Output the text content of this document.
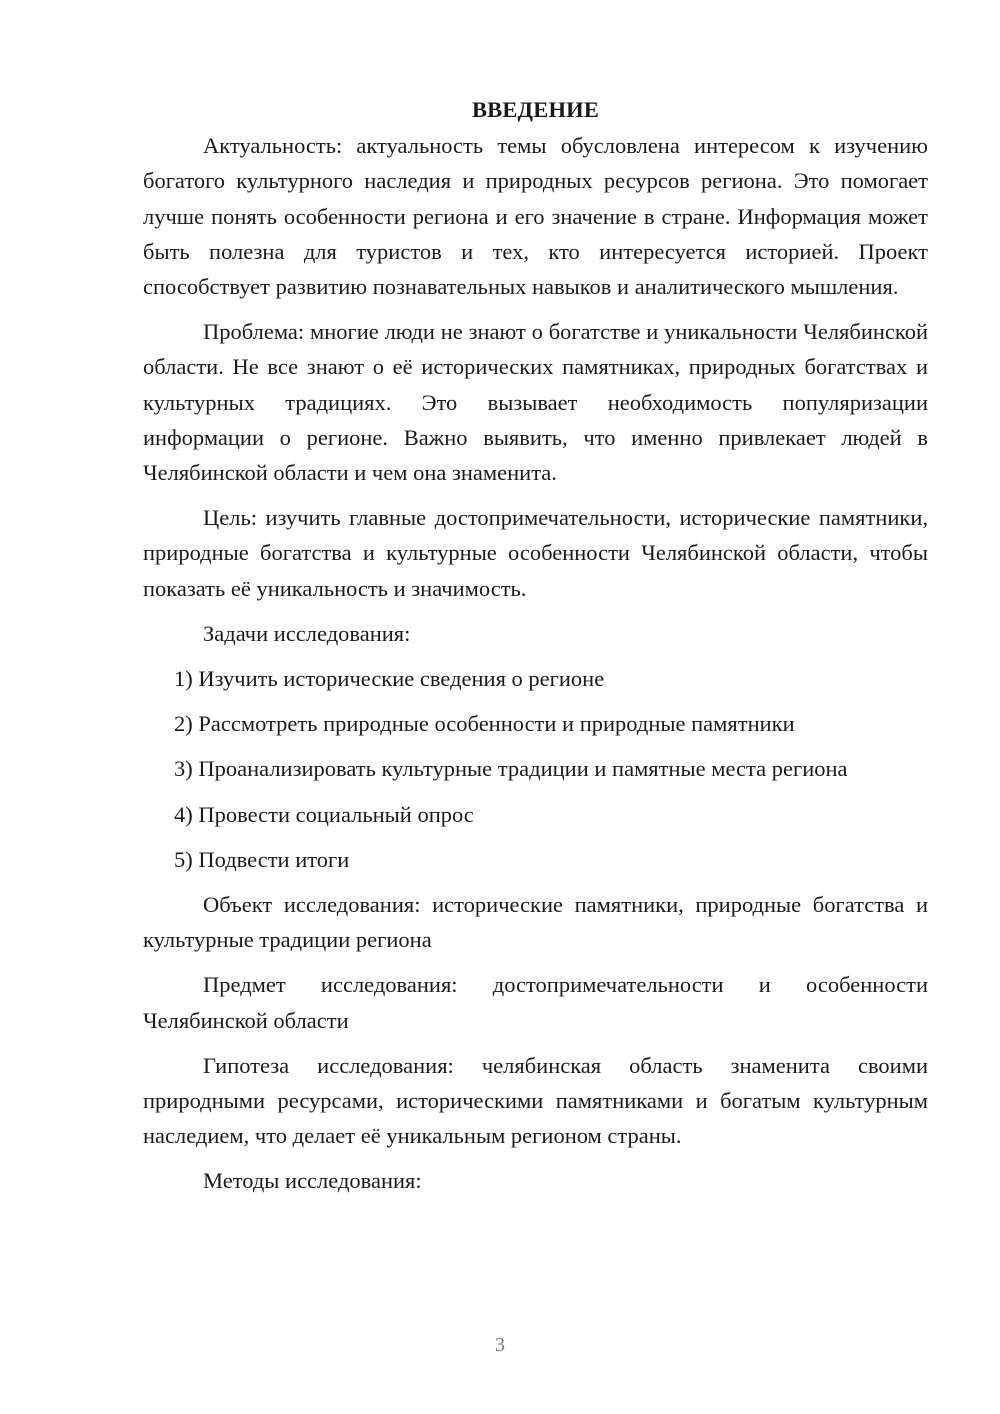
ВВЕДЕНИЕ

Актуальность: актуальность темы обусловлена интересом к изучению богатого культурного наследия и природных ресурсов региона. Это помогает лучше понять особенности региона и его значение в стране. Информация может быть полезна для туристов и тех, кто интересуется историей. Проект способствует развитию познавательных навыков и аналитического мышления.

Проблема: многие люди не знают о богатстве и уникальности Челябинской области. Не все знают о её исторических памятниках, природных богатствах и культурных традициях. Это вызывает необходимость популяризации информации о регионе. Важно выявить, что именно привлекает людей в Челябинской области и чем она знаменита.

Цель: изучить главные достопримечательности, исторические памятники, природные богатства и культурные особенности Челябинской области, чтобы показать её уникальность и значимость.

Задачи исследования:

1) Изучить исторические сведения о регионе
2) Рассмотреть природные особенности и природные памятники
3) Проанализировать культурные традиции и памятные места региона
4) Провести социальный опрос
5) Подвести итоги

Объект исследования: исторические памятники, природные богатства и культурные традиции региона

Предмет исследования: достопримечательности и особенности Челябинской области

Гипотеза исследования: челябинская область знаменита своими природными ресурсами, историческими памятниками и богатым культурным наследием, что делает её уникальным регионом страны.

Методы исследования:

3
